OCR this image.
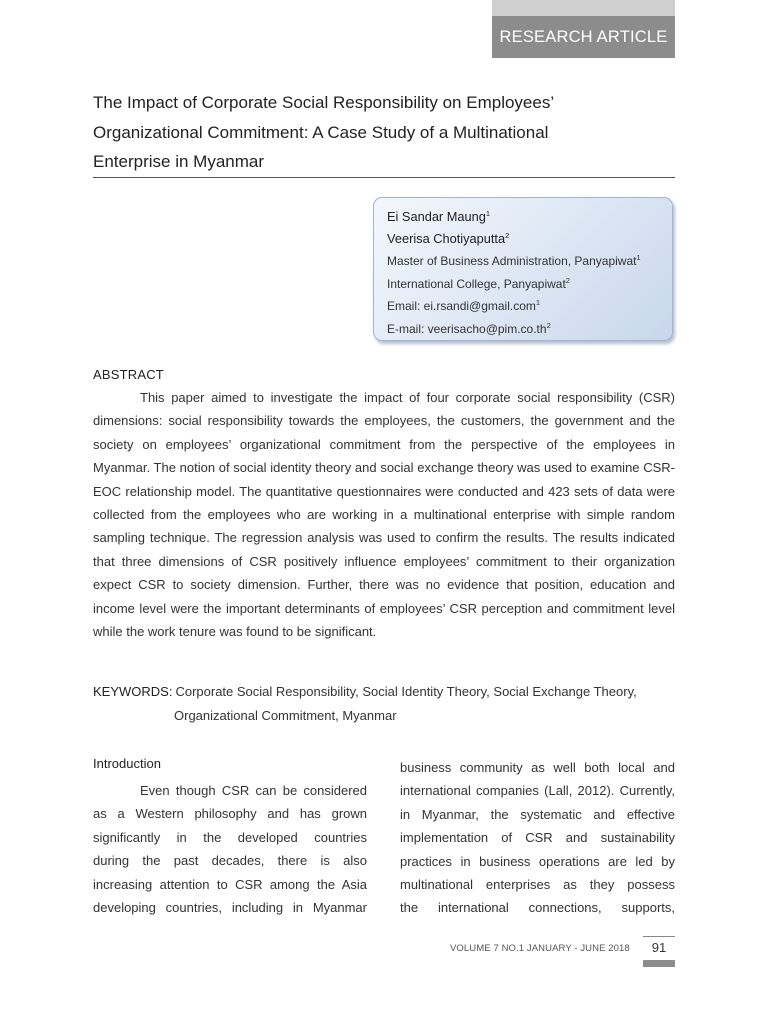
RESEARCH ARTICLE
The Impact of Corporate Social Responsibility on Employees’
Organizational Commitment: A Case Study of a Multinational
Enterprise in Myanmar
Ei Sandar Maung$^1$
Veerisa Chotiyaputta$^2$
Master of Business Administration, Panyapiwat$^1$
International College, Panyapiwat$^2$
Email: ei.rsandi@gmail.com$^1$
E-mail: $veerisacho@pim.co.th^2$
ABSTRACT

This paper aimed to investigate the impact of four corporate social responsibility (CSR) dimensions: social responsibility towards the employees, the customers, the government and the society on employees’ organizational commitment from the perspective of the employees in Myanmar. The notion of social identity theory and social exchange theory was used to examine CSR-EOC relationship model. The quantitative questionnaires were conducted and 423 sets of data were collected from the employees who are working in a multinational enterprise with simple random sampling technique. The regression analysis was used to confirm the results. The results indicated that three dimensions of CSR positively influence employees’ commitment to their organization expect CSR to society dimension. Further, there was no evidence that position, education and income level were the important determinants of employees’ CSR perception and commitment level while the work tenure was found to be significant.

KEYWORDS: Corporate Social Responsibility, Social Identity Theory, Social Exchange Theory,
Organizational Commitment, Myanmar
Introduction
Even though CSR can be considered
as a Western philosophy and has grown
significantly in the developed countries
during the past decades, there is also
increasing attention to CSR among the Asia
developing countries, including in Myanmar
business community as well both local and
international companies (Lall, 2012). Currently,
in Myanmar, the systematic and effective
implementation of CSR and sustainability
practices in business operations are led by
multinational enterprises as they possess
the international connections, supports,
VOLUME 7 NO.1 JANUARY - JUNE 2018	91
